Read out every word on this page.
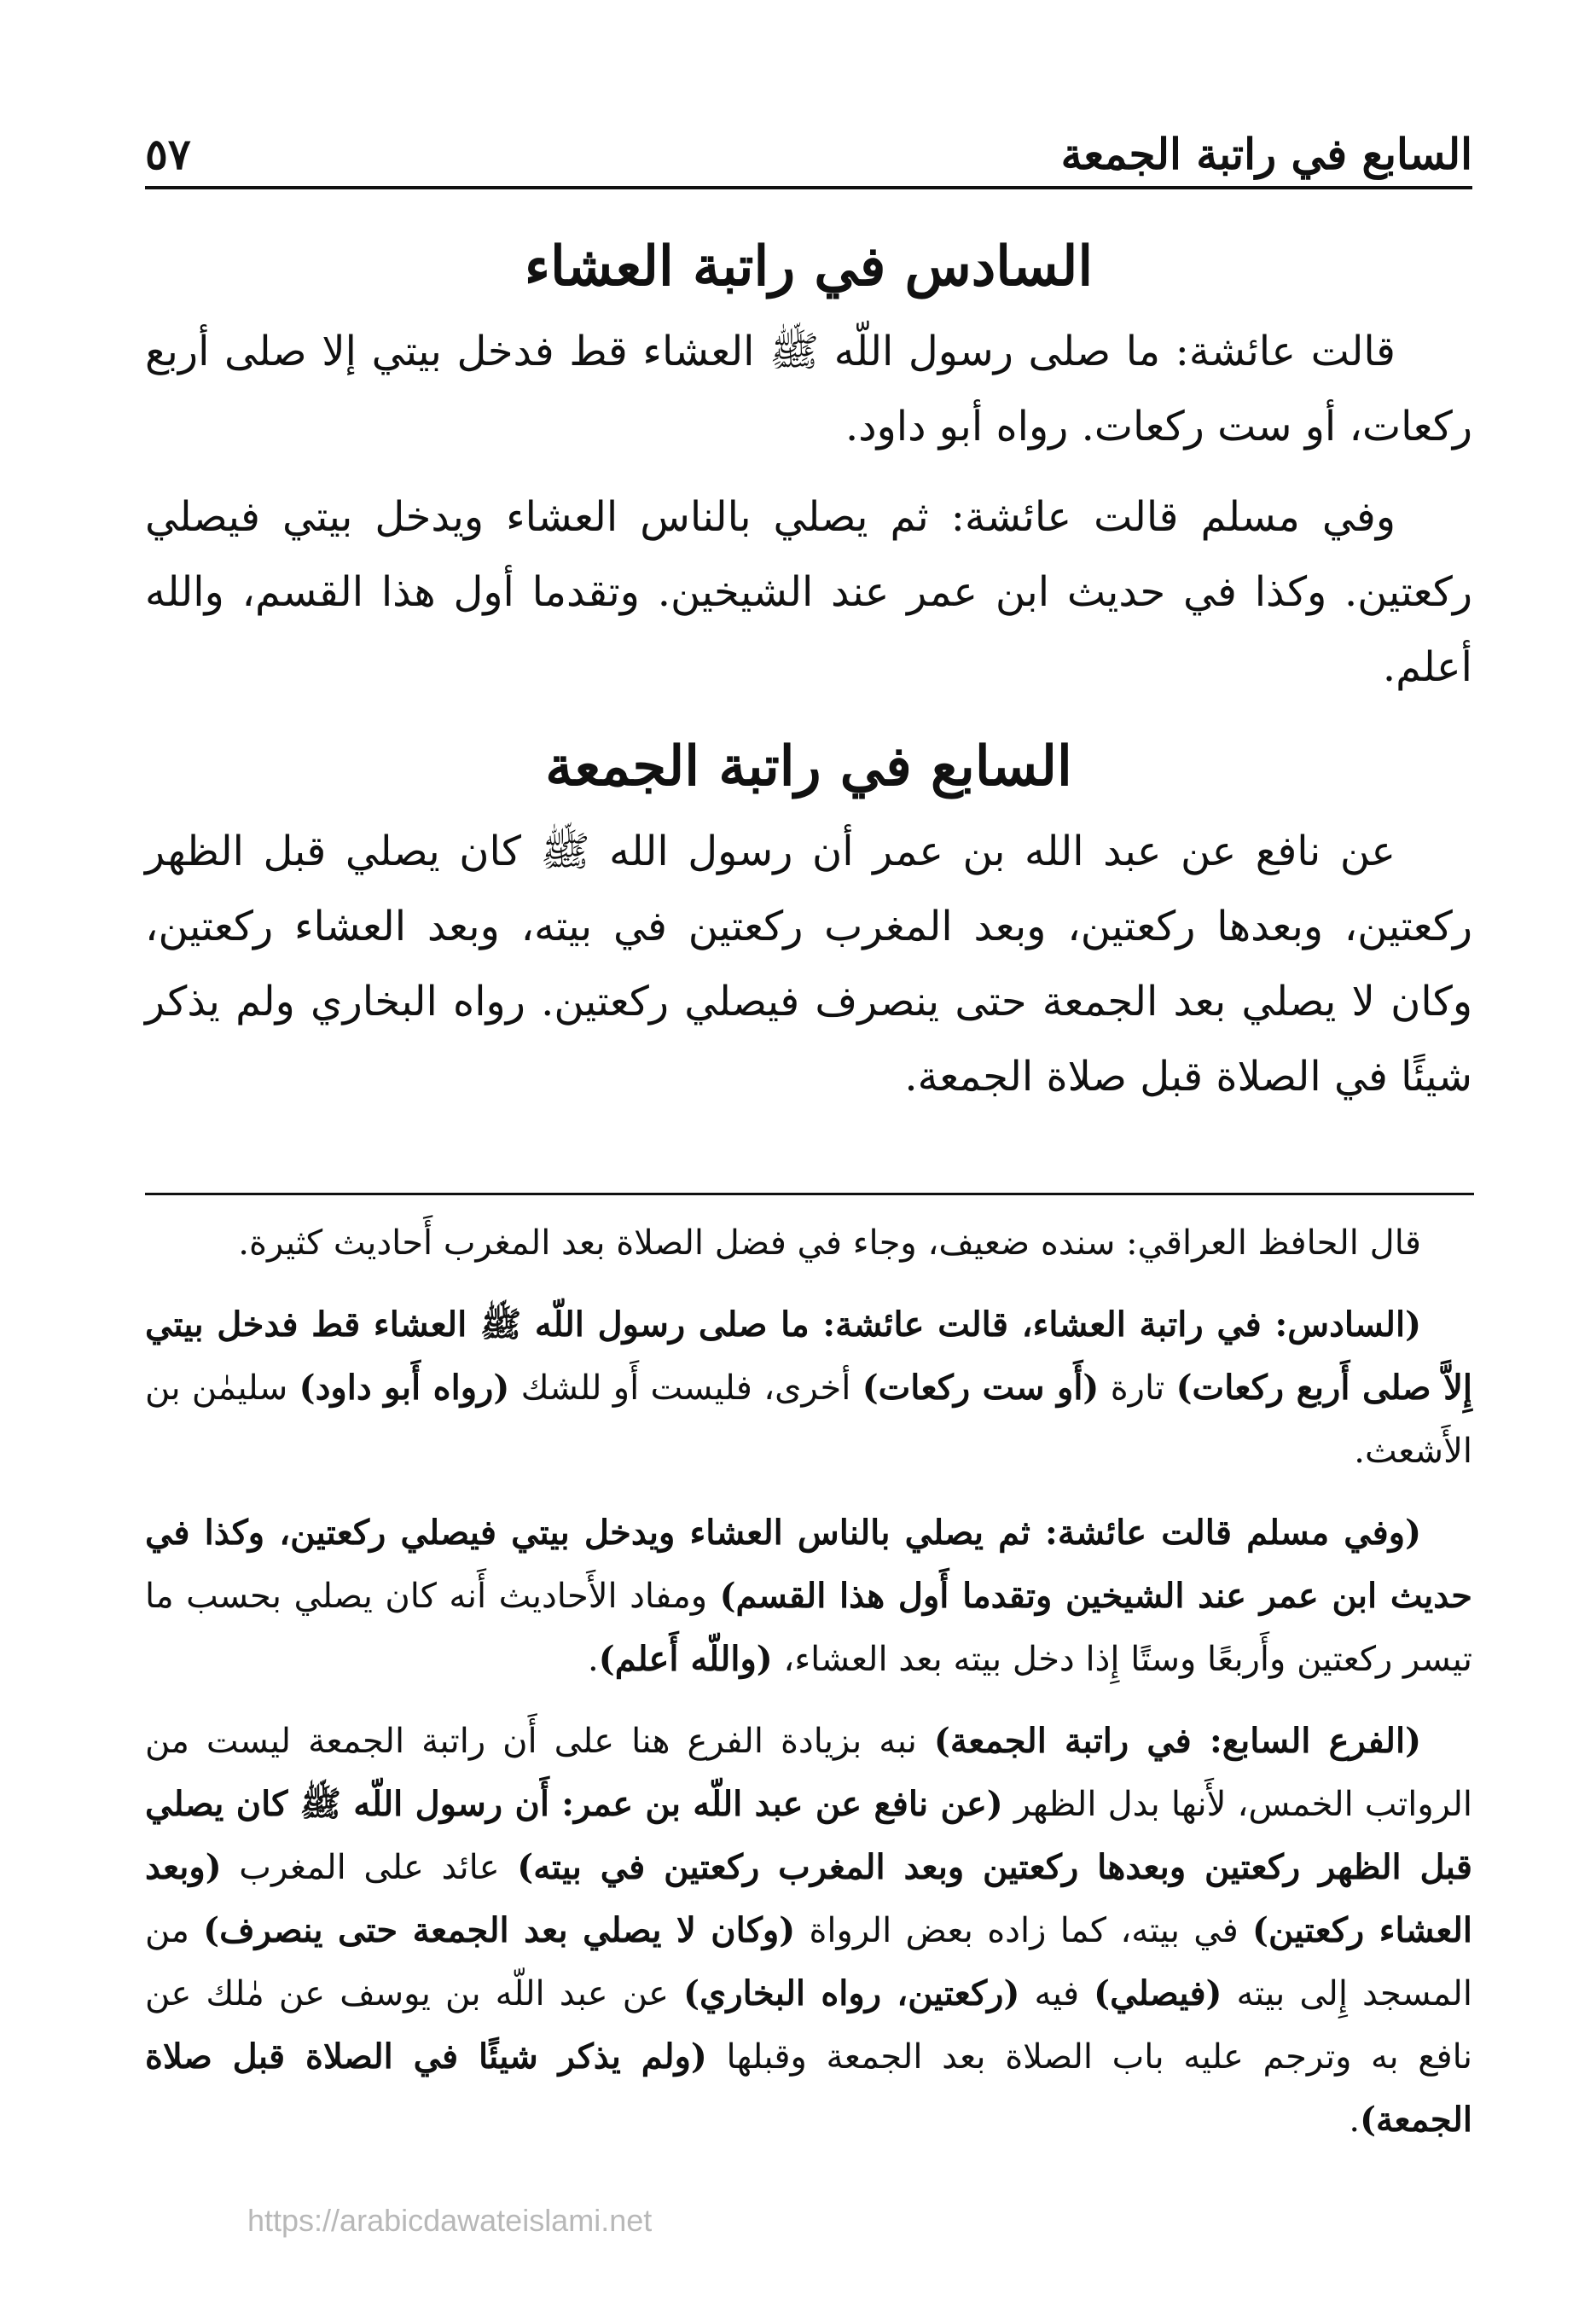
السابع في راتبة الجمعة
٥٧
السادس في راتبة العشاء

قالت عائشة: ما صلى رسول اللّه ﷺ العشاء قط فدخل بيتي إلا صلى أربع ركعات، أو ست ركعات. رواه أبو داود.

وفي مسلم قالت عائشة: ثم يصلي بالناس العشاء ويدخل بيتي فيصلي ركعتين. وكذا في حديث ابن عمر عند الشيخين. وتقدما أول هذا القسم، والله أعلم.

السابع في راتبة الجمعة

عن نافع عن عبد الله بن عمر أن رسول الله ﷺ كان يصلي قبل الظهر ركعتين، وبعدها ركعتين، وبعد المغرب ركعتين في بيته، وبعد العشاء ركعتين، وكان لا يصلي بعد الجمعة حتى ينصرف فيصلي ركعتين. رواه البخاري ولم يذكر شيئًا في الصلاة قبل صلاة الجمعة.

قال الحافظ العراقي: سنده ضعيف، وجاء في فضل الصلاة بعد المغرب أَحاديث كثيرة.

(السادس: في راتبة العشاء، قالت عائشة: ما صلى رسول اللّه ﷺ العشاء قط فدخل بيتي إِلاَّ صلى أَربع ركعات) تارة (أَو ست ركعات) أخرى، فليست أَو للشك (رواه أَبو داود) سليمٰن بن الأَشعث.

(وفي مسلم قالت عائشة: ثم يصلي بالناس العشاء ويدخل بيتي فيصلي ركعتين، وكذا في حديث ابن عمر عند الشيخين وتقدما أَول هذا القسم) ومفاد الأَحاديث أَنه كان يصلي بحسب ما تيسر ركعتين وأَربعًا وستًا إِذا دخل بيته بعد العشاء، (واللّه أَعلم).

(الفرع السابع: في راتبة الجمعة) نبه بزيادة الفرع هنا على أَن راتبة الجمعة ليست من الرواتب الخمس، لأَنها بدل الظهر (عن نافع عن عبد اللّه بن عمر: أَن رسول اللّه ﷺ كان يصلي قبل الظهر ركعتين وبعدها ركعتين وبعد المغرب ركعتين في بيته) عائد على المغرب (وبعد العشاء ركعتين) في بيته، كما زاده بعض الرواة (وكان لا يصلي بعد الجمعة حتى ينصرف) من المسجد إِلى بيته (فيصلي) فيه (ركعتين، رواه البخاري) عن عبد اللّه بن يوسف عن مٰلك عن نافع به وترجم عليه باب الصلاة بعد الجمعة وقبلها (ولم يذكر شيئًا في الصلاة قبل صلاة الجمعة).

https://arabicdawateislami.net
